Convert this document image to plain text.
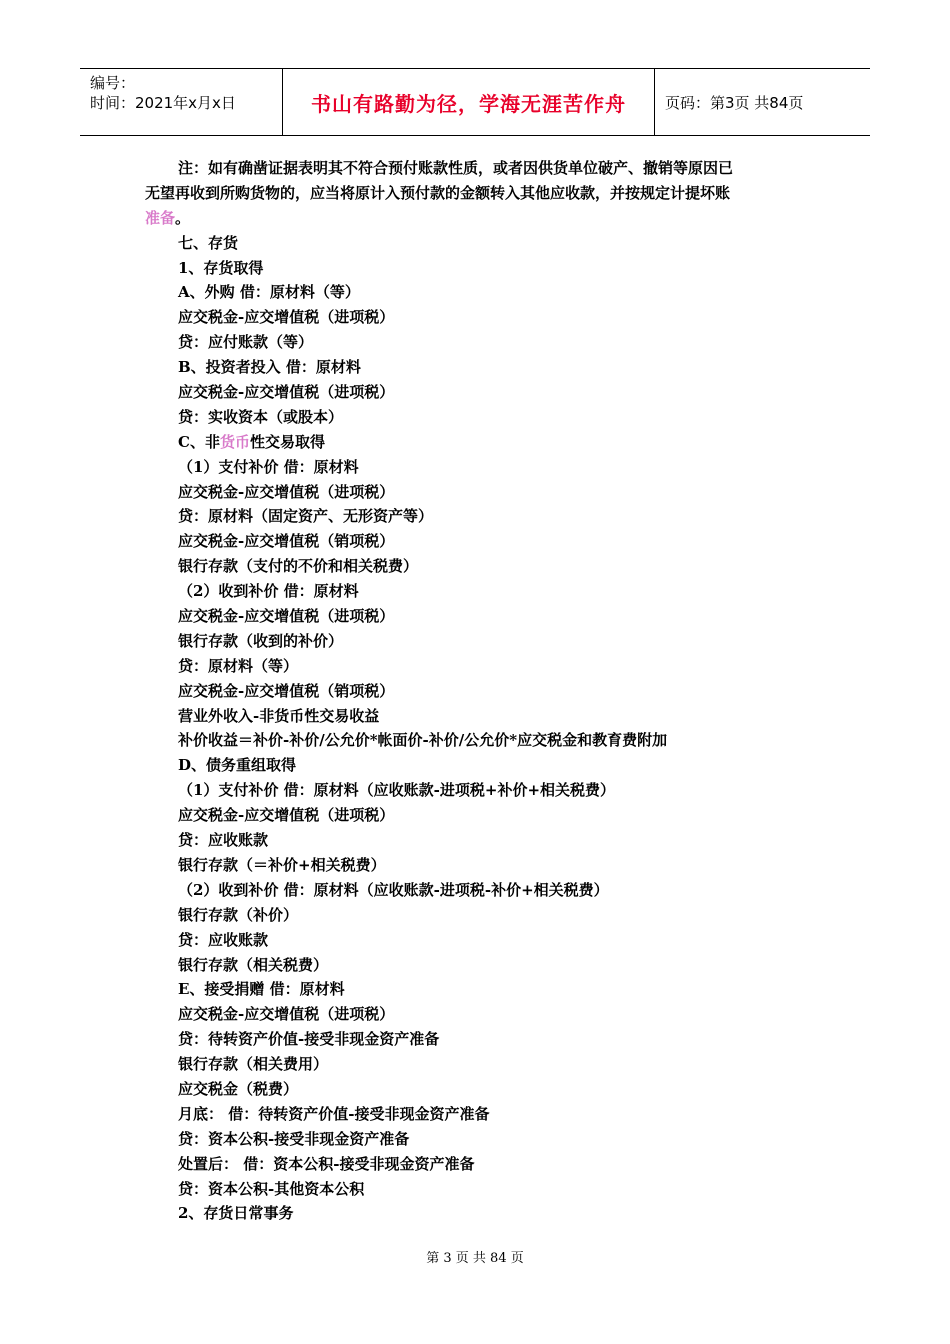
编号：
时间：2021年x月x日	书山有路勤为径，学海无涯苦作舟	页码：第3页 共84页
注：如有确凿证据表明其不符合预付账款性质，或者因供货单位破产、撤销等原因已
无望再收到所购货物的，应当将原计入预付款的金额转入其他应收款，并按规定计提坏账
准备。
七、存货
1、存货取得
A、外购 借：原材料（等）
应交税金-应交增值税（进项税）
贷：应付账款（等）
B、投资者投入 借：原材料
应交税金-应交增值税（进项税）
贷：实收资本（或股本）
C、非货币性交易取得
（1）支付补价 借：原材料
应交税金-应交增值税（进项税）
贷：原材料（固定资产、无形资产等）
应交税金-应交增值税（销项税）
银行存款（支付的不价和相关税费）
（2）收到补价 借：原材料
应交税金-应交增值税（进项税）
银行存款（收到的补价）
贷：原材料（等）
应交税金-应交增值税（销项税）
营业外收入-非货币性交易收益
补价收益＝补价-补价/公允价*帐面价-补价/公允价*应交税金和教育费附加
D、债务重组取得
（1）支付补价 借：原材料（应收账款-进项税+补价+相关税费）
应交税金-应交增值税（进项税）
贷：应收账款
银行存款（＝补价+相关税费）
（2）收到补价 借：原材料（应收账款-进项税-补价+相关税费）
银行存款（补价）
贷：应收账款
银行存款（相关税费）
E、接受捐赠 借：原材料
应交税金-应交增值税（进项税）
贷：待转资产价值-接受非现金资产准备
银行存款（相关费用）
应交税金（税费）
月底： 借：待转资产价值-接受非现金资产准备
贷：资本公积-接受非现金资产准备
处置后： 借：资本公积-接受非现金资产准备
贷：资本公积-其他资本公积
2、存货日常事务
第 3 页 共 84 页
